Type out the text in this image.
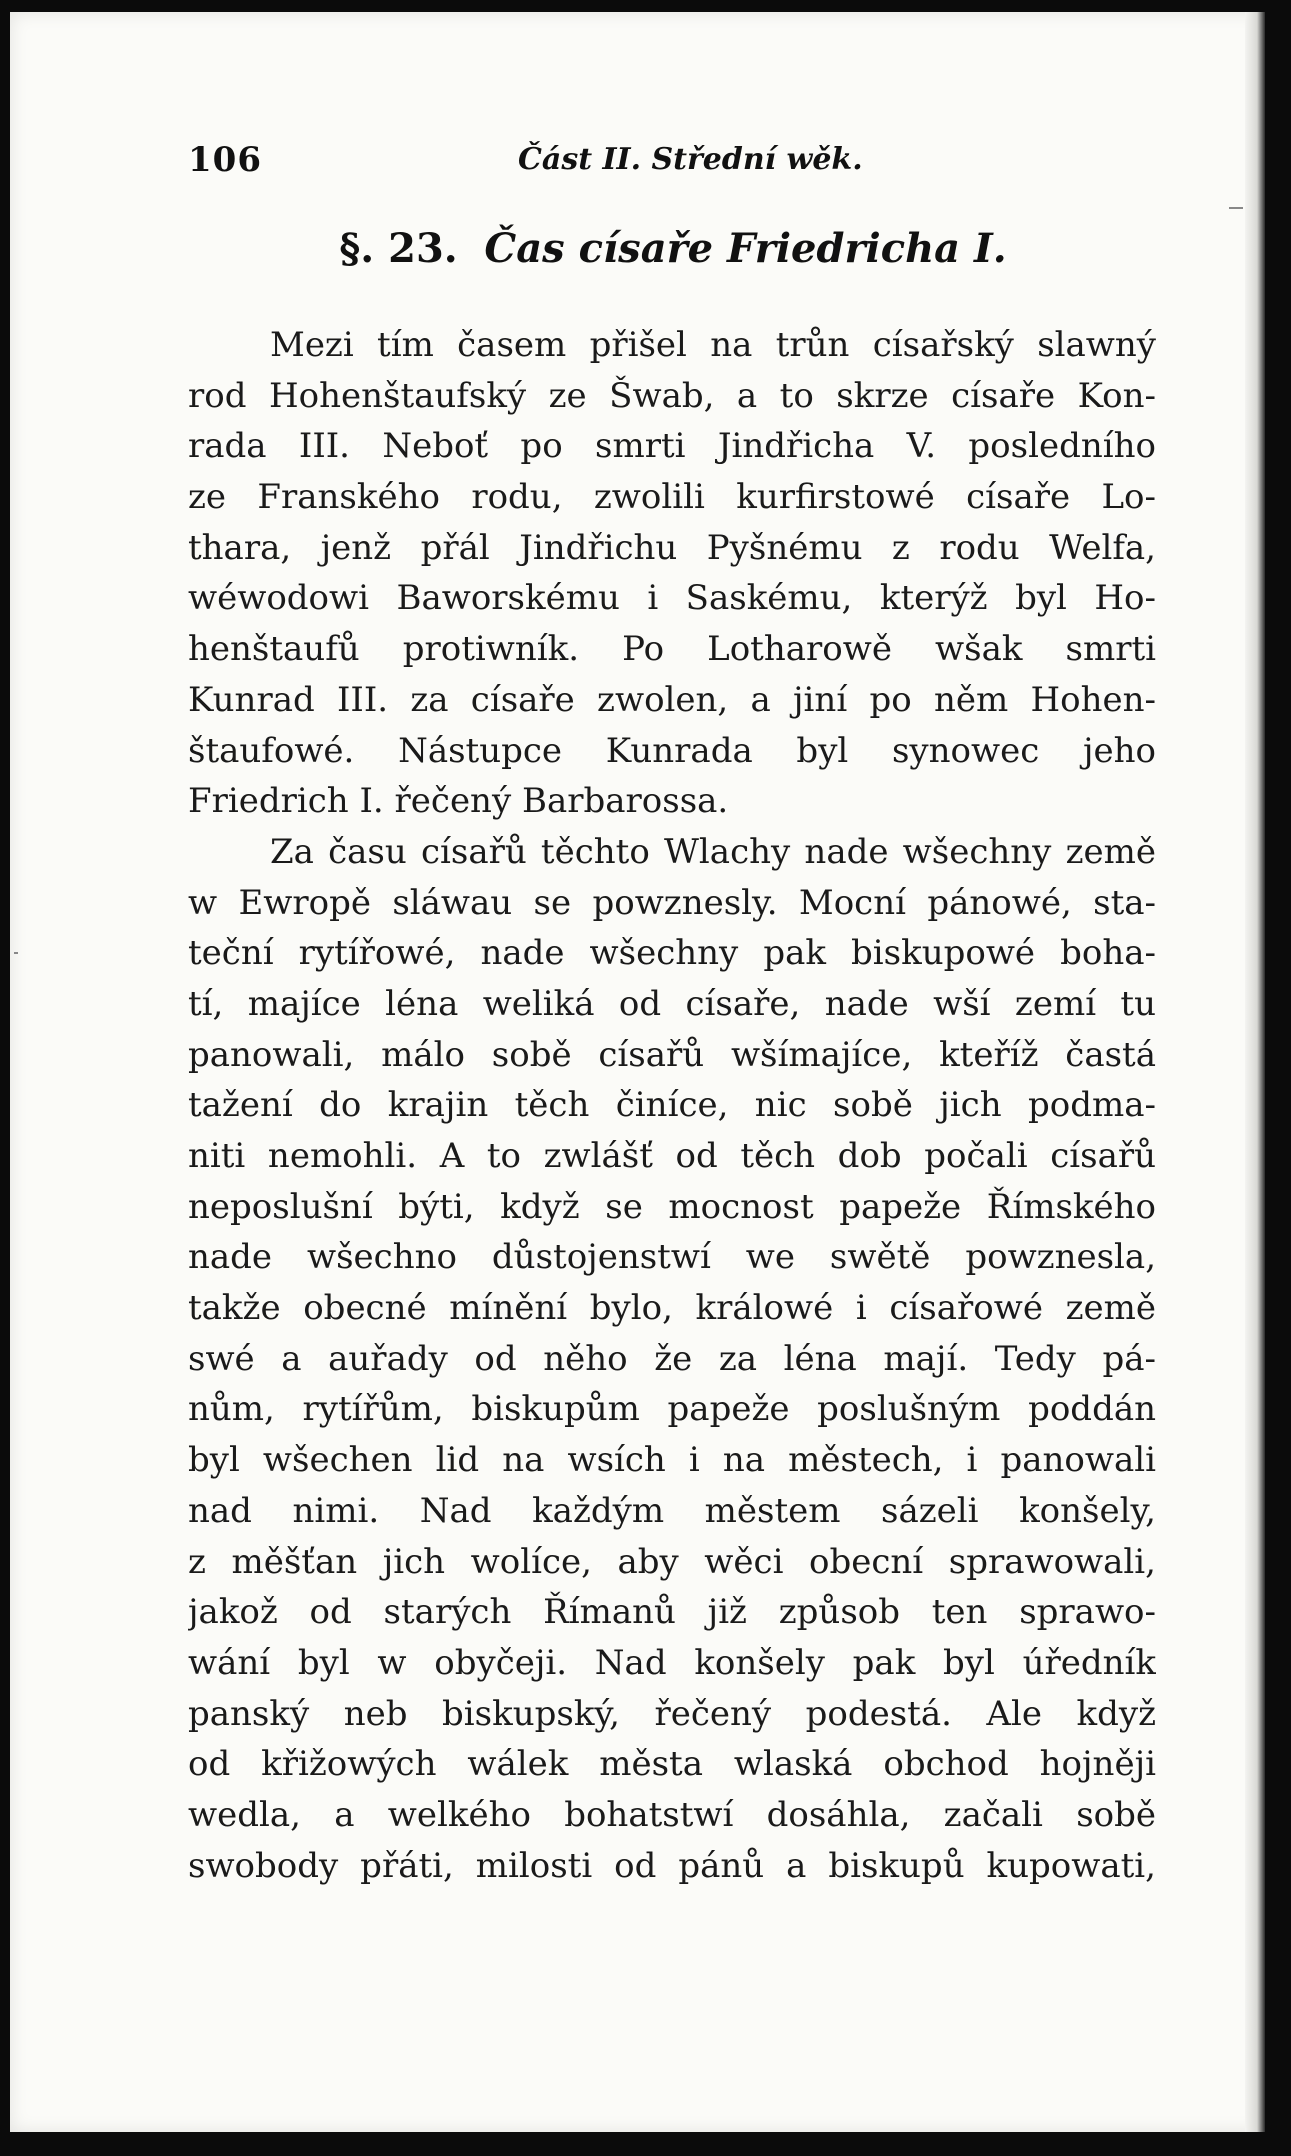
106	Část II. Střední wěk.
§. 23. Čas císaře Friedricha I.
Mezi tím časem přišel na trůn císařský slawný
rod Hohenštaufský ze Šwab, a to skrze císaře Kon-
rada III. Neboť po smrti Jindřicha V. posledního
ze Franského rodu, zwolili kurfirstowé císaře Lo-
thara, jenž přál Jindřichu Pyšnému z rodu Welfa,
wéwodowi Baworskému i Saskému, kterýž byl Ho-
henštaufů protiwník. Po Lotharowě wšak smrti
Kunrad III. za císaře zwolen, a jiní po něm Hohen-
štaufowé. Nástupce Kunrada byl synowec jeho
Friedrich I. řečený Barbarossa.
Za času císařů těchto Wlachy nade wšechny země
w Ewropě sláwau se powznesly. Mocní pánowé, sta-
teční rytířowé, nade wšechny pak biskupowé boha-
tí, majíce léna weliká od císaře, nade wší zemí tu
panowali, málo sobě císařů wšímajíce, kteříž častá
tažení do krajin těch činíce, nic sobě jich podma-
niti nemohli. A to zwlášť od těch dob počali císařů
neposlušní býti, když se mocnost papeže Římského
nade wšechno důstojenstwí we swětě powznesla,
takže obecné mínění bylo, králowé i císařowé země
swé a auřady od něho že za léna mají. Tedy pá-
nům, rytířům, biskupům papeže poslušným poddán
byl wšechen lid na wsích i na městech, i panowali
nad nimi. Nad každým městem sázeli konšely,
z měšťan jich wolíce, aby wěci obecní sprawowali,
jakož od starých Římanů již způsob ten sprawo-
wání byl w obyčeji. Nad konšely pak byl úředník
panský neb biskupský, řečený podestá. Ale když
od křižowých wálek města wlaská obchod hojněji
wedla, a welkého bohatstwí dosáhla, začali sobě
swobody přáti, milosti od pánů a biskupů kupowati,
